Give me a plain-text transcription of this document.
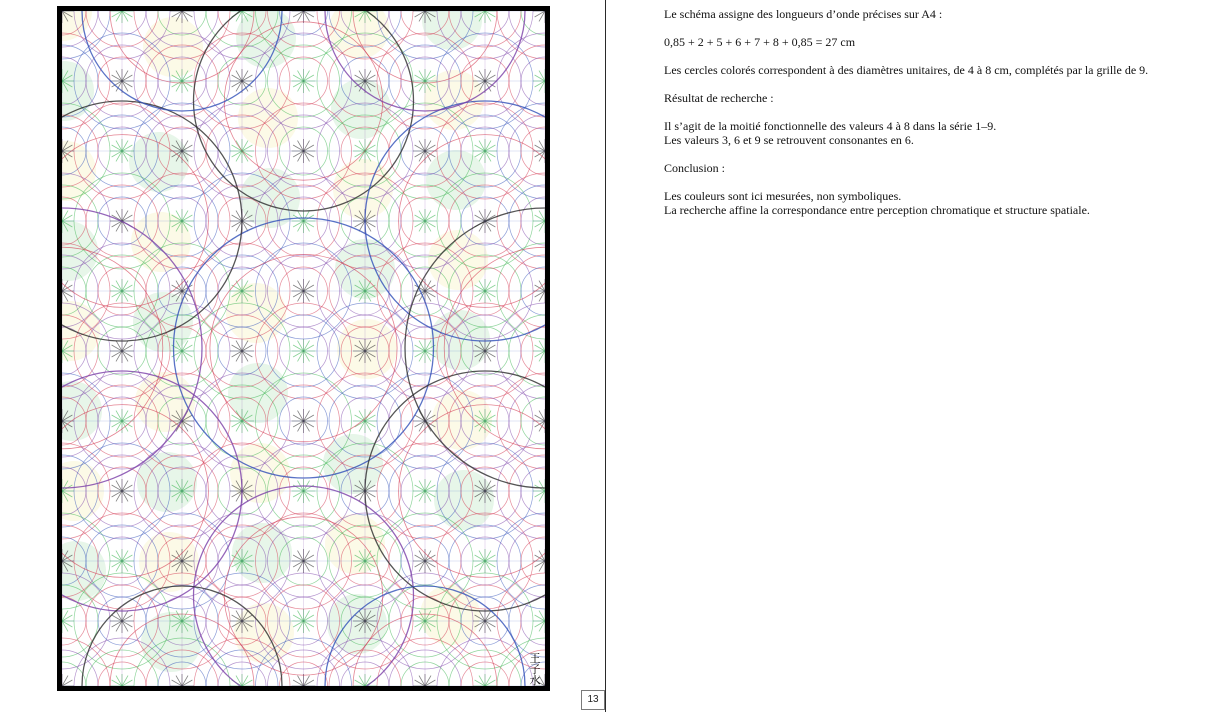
王子水
13

Le schéma assigne des longueurs d’onde précises sur A4 :

0,85 + 2 + 5 + 6 + 7 + 8 + 0,85 = 27 cm

Les cercles colorés correspondent à des diamètres unitaires, de 4 à 8 cm, complétés par la grille de 9.

Résultat de recherche :

Il s’agit de la moitié fonctionnelle des valeurs 4 à 8 dans la série 1–9.
Les valeurs 3, 6 et 9 se retrouvent consonantes en 6.

Conclusion :

Les couleurs sont ici mesurées, non symboliques.
La recherche affine la correspondance entre perception chromatique et structure spatiale.
